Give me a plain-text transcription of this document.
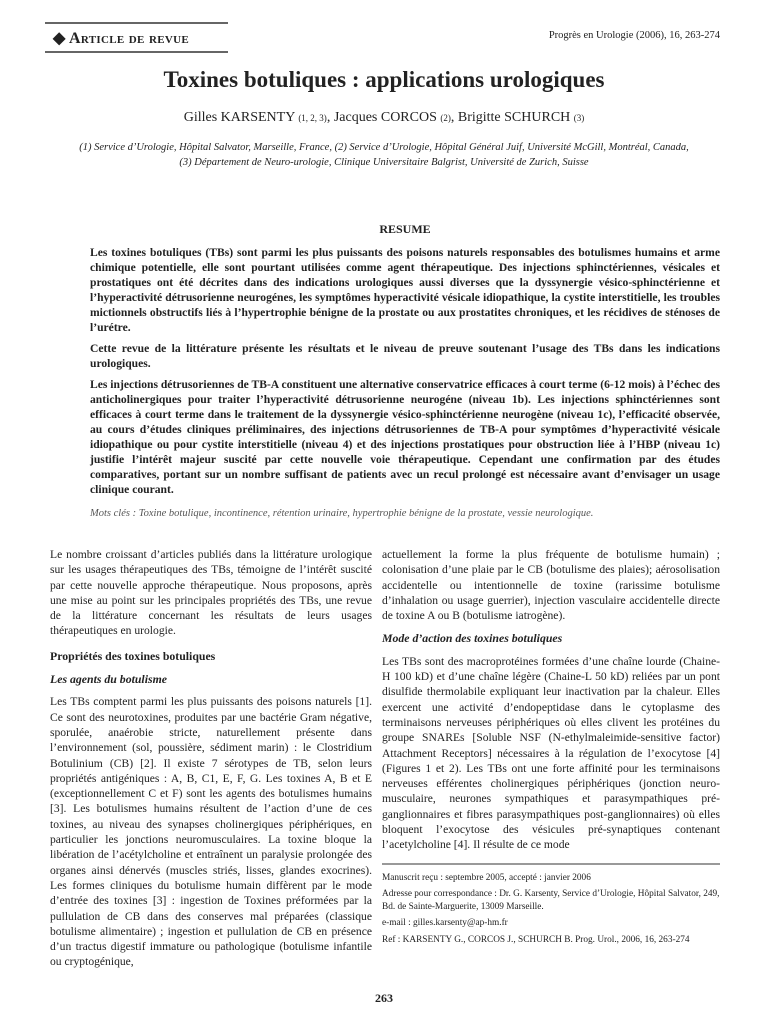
◆ Article de revue	Progrès en Urologie (2006), 16, 263-274
Toxines botuliques : applications urologiques
Gilles KARSENTY (1, 2, 3), Jacques CORCOS (2), Brigitte SCHURCH (3)
(1) Service d’Urologie, Hôpital Salvator, Marseille, France, (2) Service d’Urologie, Hôpital Général Juif, Université McGill, Montréal, Canada,
(3) Département de Neuro-urologie, Clinique Universitaire Balgrist, Université de Zurich, Suisse
RESUME

Les toxines botuliques (TBs) sont parmi les plus puissants des poisons naturels responsables des botulismes humains et arme chimique potentielle, elle sont pourtant utilisées comme agent thérapeutique. Des injections sphinctériennes, vésicales et prostatiques ont été décrites dans des indications urologiques aussi diverses que la dyssynergie vésico-sphinctérienne et l’hyperactivité détrusorienne neurogénes, les symptômes hyperactivité vésicale idiopathique, la cystite interstitielle, les troubles mictionnels obstructifs liés à l’hypertrophie bénigne de la prostate ou aux prostatites chroniques, et les récidives de sténoses de l’urétre.

Cette revue de la littérature présente les résultats et le niveau de preuve soutenant l’usage des TBs dans les indications urologiques.

Les injections détrusoriennes de TB-A constituent une alternative conservatrice efficaces à court terme (6-12 mois) à l’échec des anticholinergiques pour traiter l’hyperactivité détrusorienne neurogéne (niveau 1b). Les injections sphinctériennes sont efficaces à court terme dans le traitement de la dyssynergie vésico-sphinctérienne neurogène (niveau 1c), l’efficacité observée, au cours d’études cliniques préliminaires, des injections détrusoriennes de TB-A pour symptômes d’hyperactivité vésicale idiopathique ou pour cystite interstitielle (niveau 4) et des injections prostatiques pour obstruction liée à l’HBP (niveau 1c) justifie l’intérêt majeur suscité par cette nouvelle voie thérapeutique. Cependant une confirmation par des études comparatives, portant sur un nombre suffisant de patients avec un recul prolongé est nécessaire avant d’envisager un usage clinique courant.

Mots clés : Toxine botulique, incontinence, rétention urinaire, hypertrophie bénigne de la prostate, vessie neurologique.

Le nombre croissant d’articles publiés dans la littérature urologique sur les usages thérapeutiques des TBs, témoigne de l’intérêt suscité par cette nouvelle approche thérapeutique. Nous proposons, après une mise au point sur les principales propriétés des TBs, une revue de la littérature concernant les résultats de leurs usages thérapeutiques en urologie.

Propriétés des toxines botuliques
Les agents du botulisme

Les TBs comptent parmi les plus puissants des poisons naturels [1]. Ce sont des neurotoxines, produites par une bactérie Gram négative, sporulée, anaérobie stricte, naturellement présente dans l’environnement (sol, poussière, sédiment marin) : le Clostridium Botulinium (CB) [2]. Il existe 7 sérotypes de TB, selon leurs propriétés antigéniques : A, B, C1, E, F, G. Les toxines A, B et E (exceptionnellement C et F) sont les agents des botulismes humains [3]. Les botulismes humains résultent de l’action d’une de ces toxines, au niveau des synapses cholinergiques périphériques, en particulier les jonctions neuromusculaires. La toxine bloque la libération de l’acétylcholine et entraînent un paralysie prolongée des organes ainsi dénervés (muscles striés, lisses, glandes exocrines). Les formes cliniques du botulisme humain diffèrent par le mode d’entrée des toxines [3] : ingestion de Toxines préformées par la pullulation de CB dans des conserves mal préparées (classique botulisme alimentaire) ; ingestion et pullulation de CB en présence d’un tractus digestif immature ou pathologique (botulisme infantile ou cryptogénique,

actuellement la forme la plus fréquente de botulisme humain) ; colonisation d’une plaie par le CB (botulisme des plaies); aérosolisation accidentelle ou intentionnelle de toxine (rarissime botulisme d’inhalation ou usage guerrier), injection vasculaire accidentelle directe de toxine A ou B (botulisme iatrogène).

Mode d’action des toxines botuliques

Les TBs sont des macroprotéines formées d’une chaîne lourde (Chaine-H 100 kD) et d’une chaîne légère (Chaine-L 50 kD) reliées par un pont disulfide thermolabile expliquant leur inactivation par la chaleur. Elles exercent une activité d’endopeptidase dans le cytoplasme des terminaisons nerveuses périphériques où elles clivent les protéines du groupe SNAREs [Soluble NSF (N-ethylmaleimide-sensitive factor) Attachment Receptors] nécessaires à la régulation de l’exocytose [4] (Figures 1 et 2). Les TBs ont une forte affinité pour les terminaisons nerveuses efférentes cholinergiques périphériques (jonction neuro-musculaire, neurones sympathiques et parasympathiques pré-ganglionnaires et fibres parasympathiques post-ganglionnaires) où elles bloquent l’exocytose des vésicules pré-synaptiques contenant l’acetylcholine [4]. Il résulte de ce mode

Manuscrit reçu : septembre 2005, accepté : janvier 2006
Adresse pour correspondance : Dr. G. Karsenty, Service d’Urologie, Hôpital Salvator, 249, Bd. de Sainte-Marguerite, 13009 Marseille.
e-mail : gilles.karsenty@ap-hm.fr
Ref : KARSENTY G., CORCOS J., SCHURCH B. Prog. Urol., 2006, 16, 263-274
263
